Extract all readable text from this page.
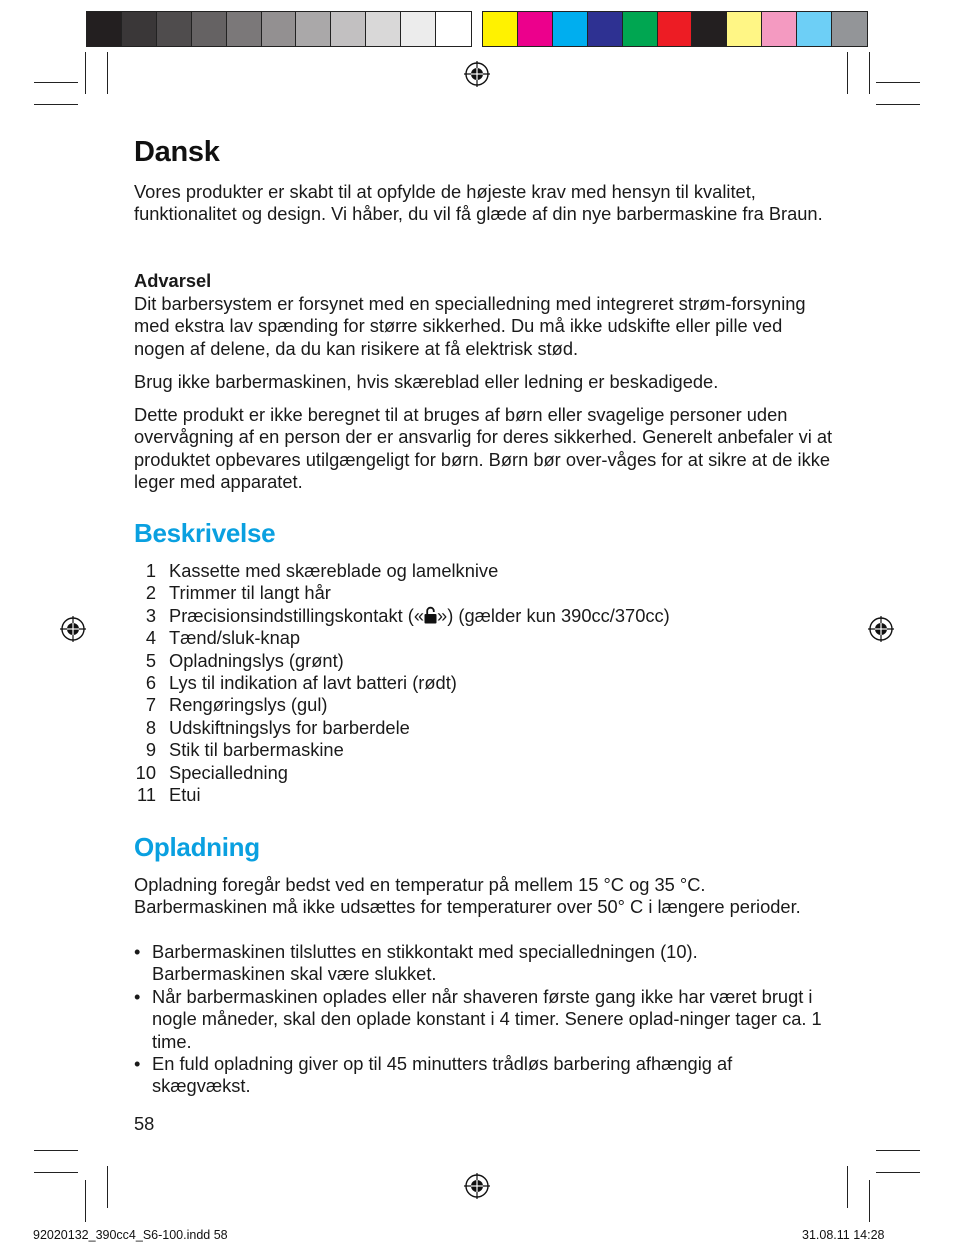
Dansk

Vores produkter er skabt til at opfylde de højeste krav med hensyn til kvalitet, funktionalitet og design. Vi håber, du vil få glæde af din nye barbermaskine fra Braun.

Advarsel

Dit barbersystem er forsynet med en specialledning med integreret strøm-forsyning med ekstra lav spænding for større sikkerhed. Du må ikke udskifte eller pille ved nogen af delene, da du kan risikere at få elektrisk stød.

Brug ikke barbermaskinen, hvis skæreblad eller ledning er beskadigede.

Dette produkt er ikke beregnet til at bruges af børn eller svagelige personer uden overvågning af en person der er ansvarlig for deres sikkerhed. Generelt anbefaler vi at produktet opbevares utilgængeligt for børn. Børn bør over-våges for at sikre at de ikke leger med apparatet.

Beskrivelse
1 Kassette med skæreblade og lamelknive
2 Trimmer til langt hår
3 Præcisionsindstillingskontakt (« ») (gælder kun 390cc/370cc)
4 Tænd/sluk-knap
5 Opladningslys (grønt)
6 Lys til indikation af lavt batteri (rødt)
7 Rengøringslys (gul)
8 Udskiftningslys for barberdele
9 Stik til barbermaskine
10 Specialledning
11 Etui
Opladning

Opladning foregår bedst ved en temperatur på mellem 15 °C og 35 °C. Barbermaskinen må ikke udsættes for temperaturer over 50° C i længere perioder.

• Barbermaskinen tilsluttes en stikkontakt med specialledningen (10). Barbermaskinen skal være slukket.
• Når barbermaskinen oplades eller når shaveren første gang ikke har været brugt i nogle måneder, skal den oplade konstant i 4 timer. Senere oplad-ninger tager ca. 1 time.
• En fuld opladning giver op til 45 minutters trådløs barbering afhængig af skægvækst.
58
92020132_390cc4_S6-100.indd 58	31.08.11 14:28
